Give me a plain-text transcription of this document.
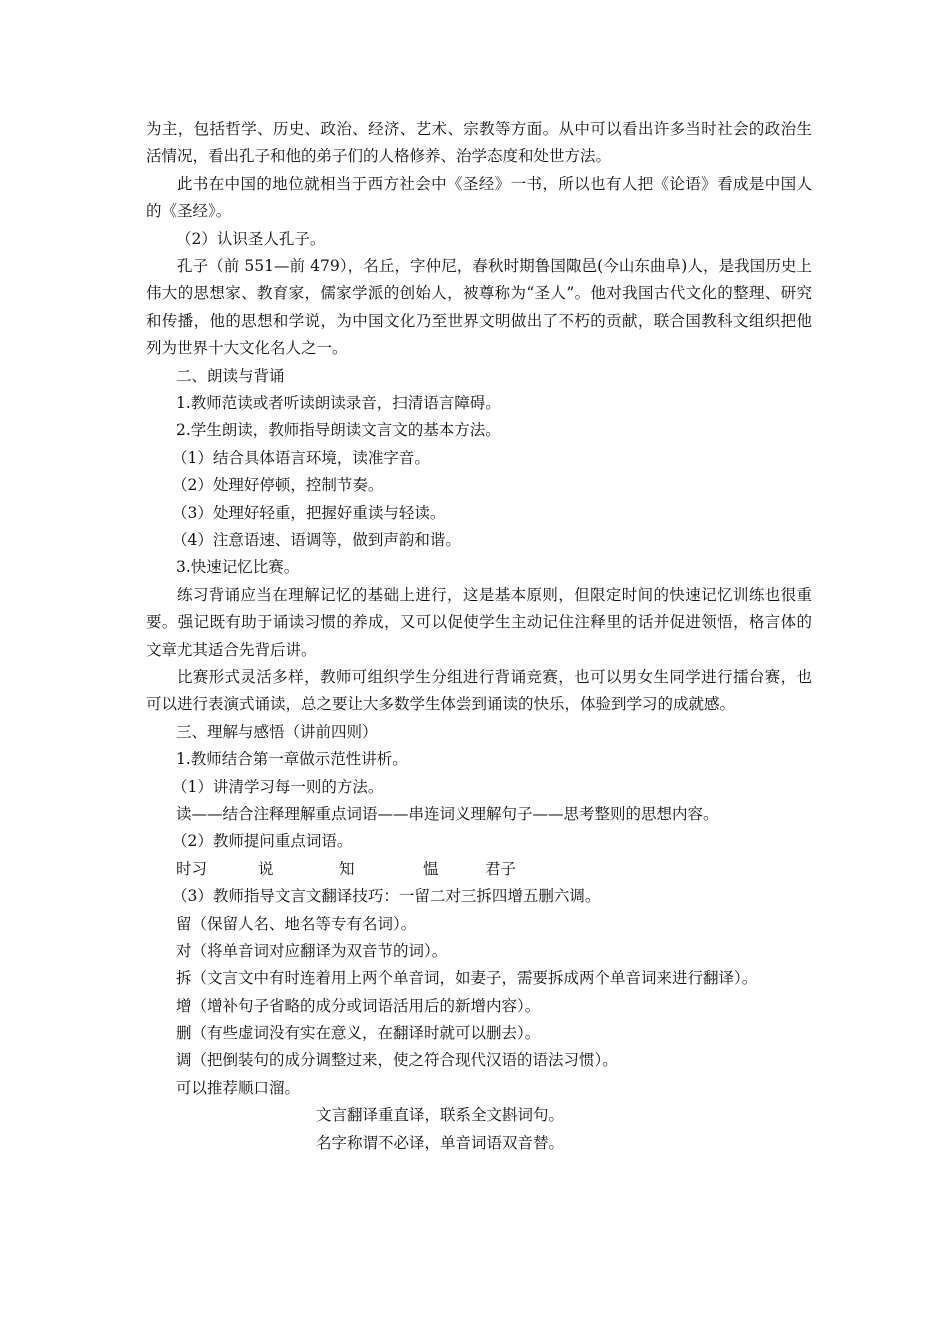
为主，包括哲学、历史、政治、经济、艺术、宗教等方面。从中可以看出许多当时社会的政治生活情况，看出孔子和他的弟子们的人格修养、治学态度和处世方法。
此书在中国的地位就相当于西方社会中《圣经》一书，所以也有人把《论语》看成是中国人的《圣经》。
（2）认识圣人孔子。
孔子（前 551—前 479），名丘，字仲尼，春秋时期鲁国陬邑(今山东曲阜)人，是我国历史上伟大的思想家、教育家，儒家学派的创始人，被尊称为“圣人”。他对我国古代文化的整理、研究和传播，他的思想和学说，为中国文化乃至世界文明做出了不朽的贡献，联合国教科文组织把他列为世界十大文化名人之一。
二、朗读与背诵
1.教师范读或者听读朗读录音，扫清语言障碍。
2.学生朗读，教师指导朗读文言文的基本方法。
（1）结合具体语言环境，读准字音。
（2）处理好停顿，控制节奏。
（3）处理好轻重，把握好重读与轻读。
（4）注意语速、语调等，做到声韵和谐。
3.快速记忆比赛。
练习背诵应当在理解记忆的基础上进行，这是基本原则，但限定时间的快速记忆训练也很重要。强记既有助于诵读习惯的养成，又可以促使学生主动记住注释里的话并促进领悟，格言体的文章尤其适合先背后讲。
比赛形式灵活多样，教师可组织学生分组进行背诵竞赛，也可以男女生同学进行擂台赛，也可以进行表演式诵读，总之要让大多数学生体尝到诵读的快乐，体验到学习的成就感。
三、理解与感悟（讲前四则）
1.教师结合第一章做示范性讲析。
（1）讲清学习每一则的方法。
读——结合注释理解重点词语——串连词义理解句子——思考整则的思想内容。
（2）教师提问重点词语。
时习	说	知	愠	君子
（3）教师指导文言文翻译技巧：一留二对三拆四增五删六调。
留（保留人名、地名等专有名词）。
对（将单音词对应翻译为双音节的词）。
拆（文言文中有时连着用上两个单音词，如妻子，需要拆成两个单音词来进行翻译）。
增（增补句子省略的成分或词语活用后的新增内容）。
删（有些虚词没有实在意义，在翻译时就可以删去）。
调（把倒装句的成分调整过来，使之符合现代汉语的语法习惯）。
可以推荐顺口溜。
文言翻译重直译，联系全文斟词句。
名字称谓不必译，单音词语双音替。
